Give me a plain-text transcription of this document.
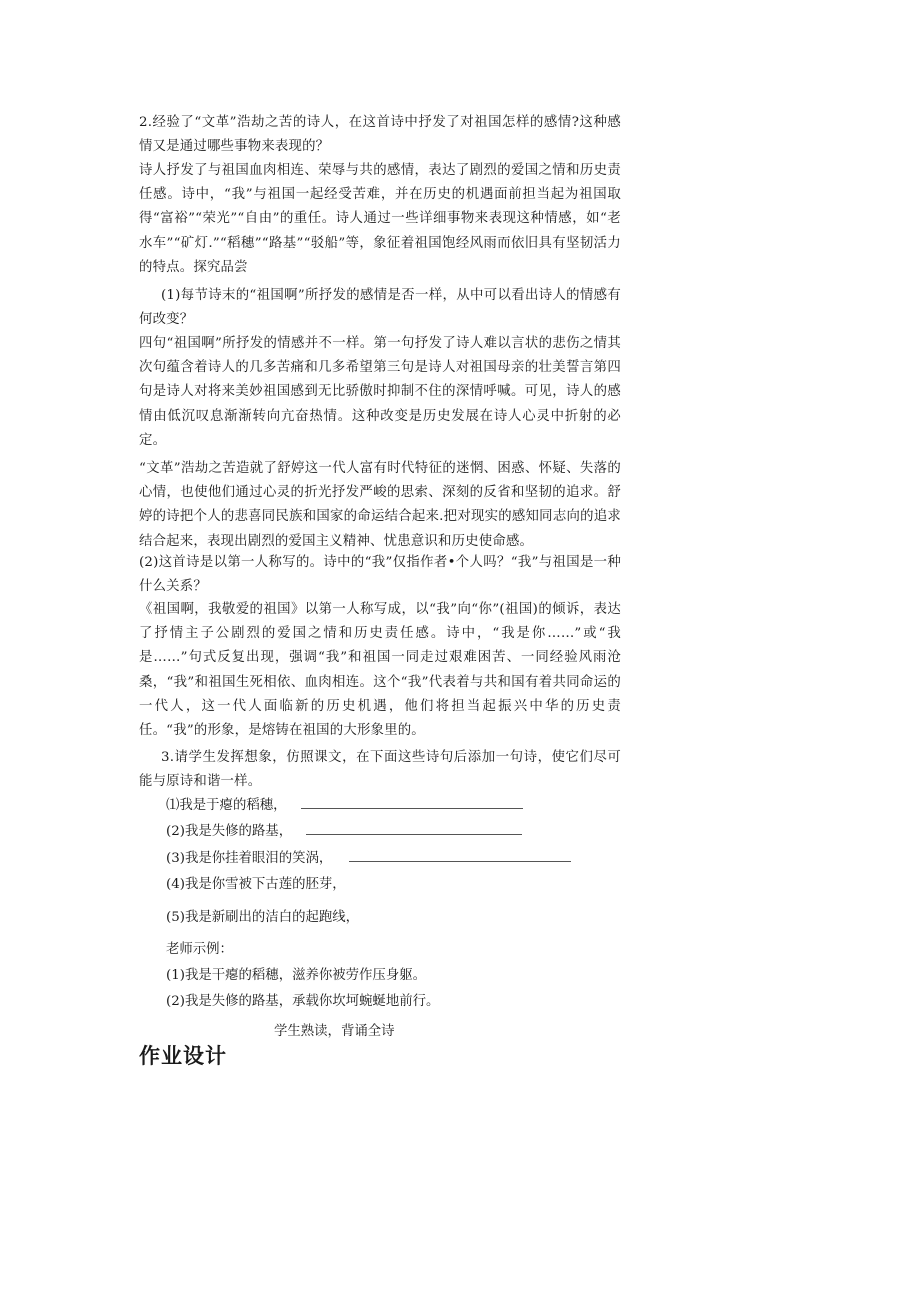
2.经验了“文革”浩劫之苦的诗人，在这首诗中抒发了对祖国怎样的感情?这种感情又是通过哪些事物来表现的？

诗人抒发了与祖国血肉相连、荣辱与共的感情，表达了剧烈的爱国之情和历史责任感。诗中，“我”与祖国一起经受苦难，并在历史的机遇面前担当起为祖国取得“富裕”“荣光”“自由”的重任。诗人通过一些详细事物来表现这种情感，如“老水车”“矿灯.”“稻穗”“路基”“驳船”等，象征着祖国饱经风雨而依旧具有坚韧活力的特点。探究品尝

(1)每节诗末的“祖国啊”所抒发的感情是否一样，从中可以看出诗人的情感有何改变？

四句“祖国啊”所抒发的情感并不一样。第一句抒发了诗人难以言状的悲伤之情其次句蕴含着诗人的几多苦痛和几多希望第三句是诗人对祖国母亲的壮美誓言第四句是诗人对将来美妙祖国感到无比骄傲时抑制不住的深情呼喊。可见，诗人的感情由低沉叹息渐渐转向亢奋热情。这种改变是历史发展在诗人心灵中折射的必定。

“文革”浩劫之苦造就了舒婷这一代人富有时代特征的迷惘、困惑、怀疑、失落的心情，也使他们通过心灵的折光抒发严峻的思索、深刻的反省和坚韧的追求。舒婷的诗把个人的悲喜同民族和国家的命运结合起来.把对现实的感知同志向的追求结合起来，表现出剧烈的爱国主义精神、忧患意识和历史使命感。

(2)这首诗是以第一人称写的。诗中的“我”仅指作者•个人吗？“我”与祖国是一种什么关系？

《祖国啊，我敬爱的祖国》以第一人称写成，以“我”向“你”(祖国)的倾诉，表达了抒情主子公剧烈的爱国之情和历史责任感。诗中，“我是你……”或“我是……”句式反复出现，强调“我”和祖国一同走过艰难困苦、一同经验风雨沧桑，“我”和祖国生死相依、血肉相连。这个“我”代表着与共和国有着共同命运的一代人，这一代人面临新的历史机遇，他们将担当起振兴中华的历史责任。“我”的形象，是熔铸在祖国的大形象里的。

3.请学生发挥想象，仿照课文，在下面这些诗句后添加一句诗，使它们尽可能与原诗和谐一样。

⑴我是于瘪的稻穗，
(2)我是失修的路基，
(3)我是你挂着眼泪的笑涡，
(4)我是你雪被下古莲的胚芽，
(5)我是新刷出的洁白的起跑线，
老师示例：
(1)我是干瘪的稻穗，滋养你被劳作压身躯。
(2)我是失修的路基，承载你坎坷蜿蜒地前行。
学生熟读，背诵全诗
作业设计
